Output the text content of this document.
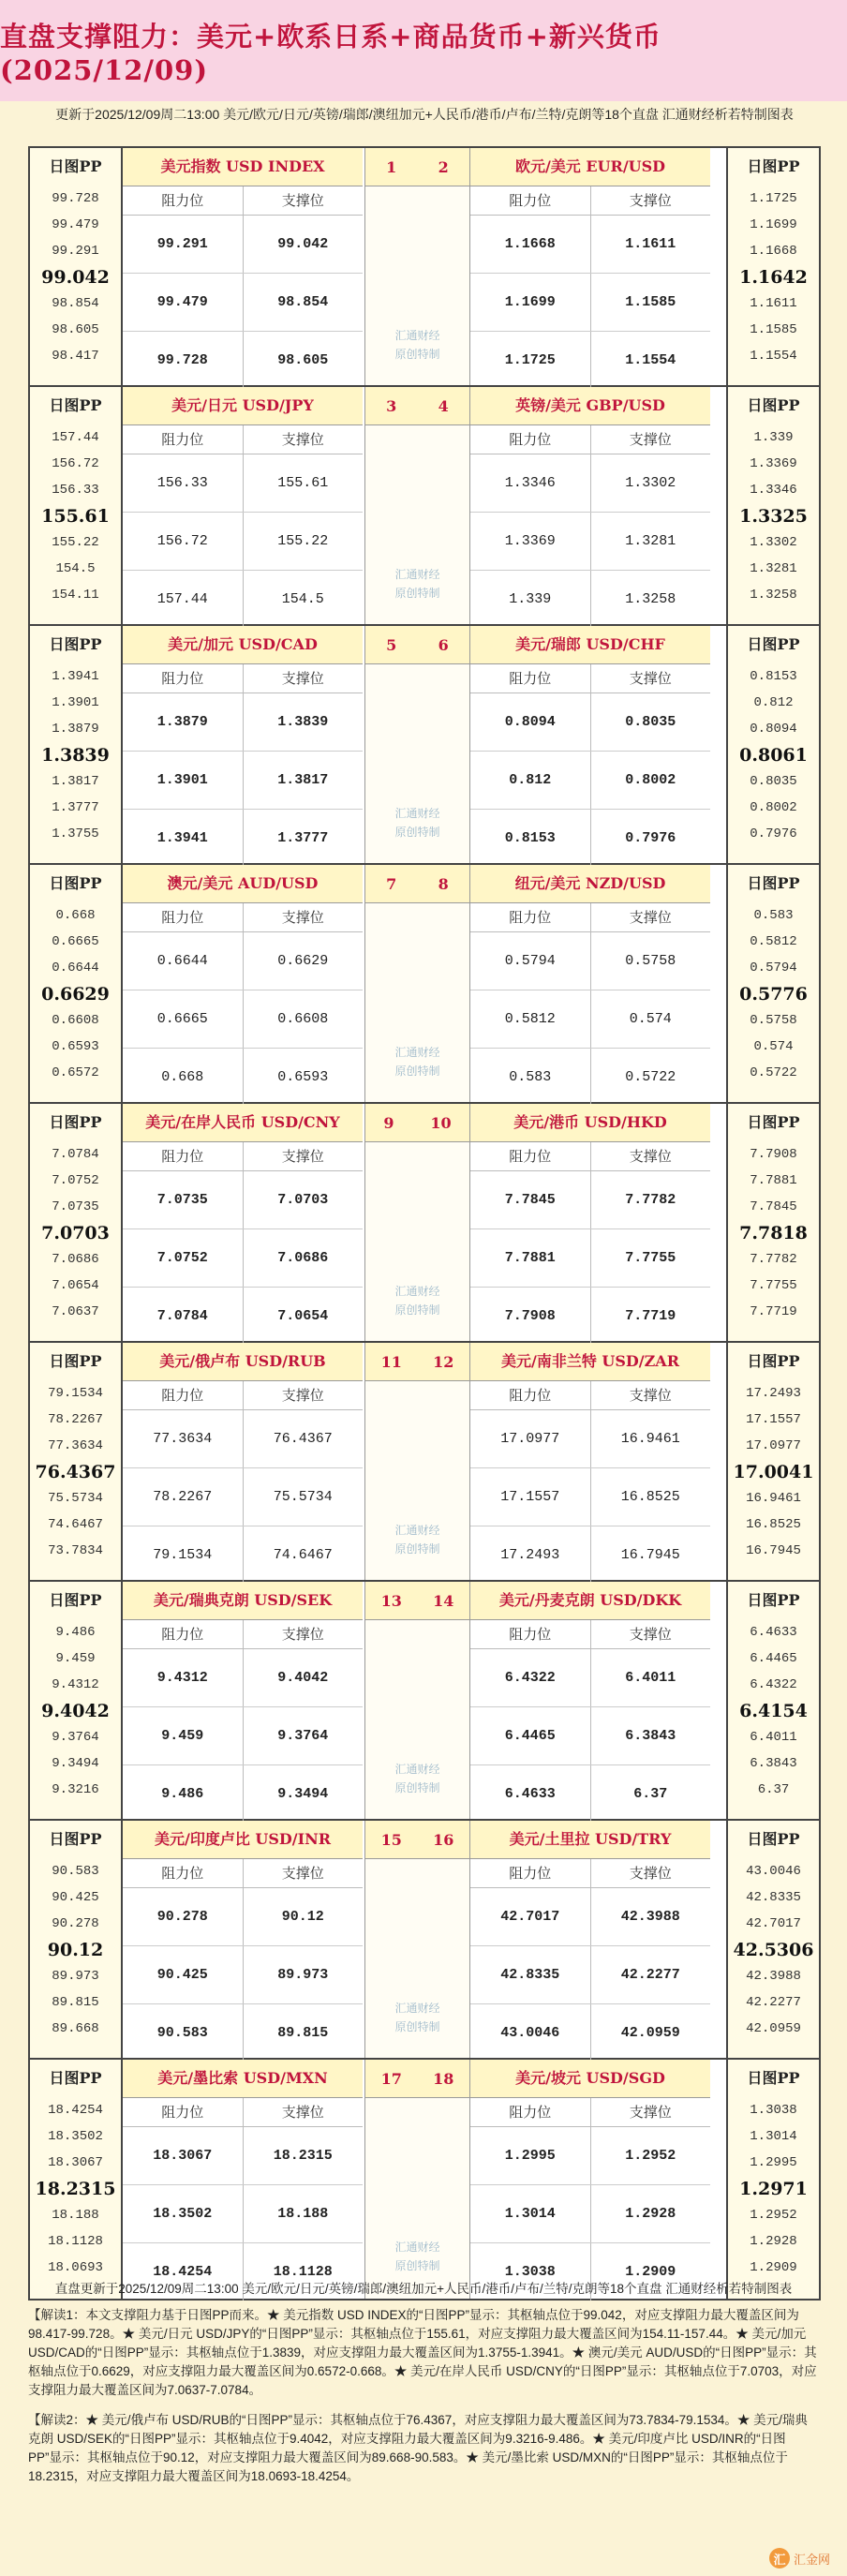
直盘支撑阻力：美元+欧系日系+商品货币+新兴货币(2025/12/09)
更新于2025/12/09周二13:00 美元/欧元/日元/英镑/瑞郎/澳纽加元+人民币/港币/卢布/兰特/克朗等18个直盘 汇通财经析若特制图表
日图PP
99.728
99.479
99.291
99.042
98.854
98.605
98.417
美元指数 USD INDEX
阻力位	支撑位
99.291	99.042
99.479	98.854
99.728	98.605
日图PP
1.1725
1.1699
1.1668
1.1642
1.1611
1.1585
1.1554
欧元/美元 EUR/USD
阻力位	支撑位
1.1668	1.1611
1.1699	1.1585
1.1725	1.1554
1	2
汇通财经
原创特制
日图PP
157.44
156.72
156.33
155.61
155.22
154.5
154.11
美元/日元 USD/JPY
阻力位	支撑位
156.33	155.61
156.72	155.22
157.44	154.5
日图PP
1.339
1.3369
1.3346
1.3325
1.3302
1.3281
1.3258
英镑/美元 GBP/USD
阻力位	支撑位
1.3346	1.3302
1.3369	1.3281
1.339	1.3258
3	4
汇通财经
原创特制
日图PP
1.3941
1.3901
1.3879
1.3839
1.3817
1.3777
1.3755
美元/加元 USD/CAD
阻力位	支撑位
1.3879	1.3839
1.3901	1.3817
1.3941	1.3777
日图PP
0.8153
0.812
0.8094
0.8061
0.8035
0.8002
0.7976
美元/瑞郎 USD/CHF
阻力位	支撑位
0.8094	0.8035
0.812	0.8002
0.8153	0.7976
5	6
汇通财经
原创特制
日图PP
0.668
0.6665
0.6644
0.6629
0.6608
0.6593
0.6572
澳元/美元 AUD/USD
阻力位	支撑位
0.6644	0.6629
0.6665	0.6608
0.668	0.6593
日图PP
0.583
0.5812
0.5794
0.5776
0.5758
0.574
0.5722
纽元/美元 NZD/USD
阻力位	支撑位
0.5794	0.5758
0.5812	0.574
0.583	0.5722
7	8
汇通财经
原创特制
日图PP
7.0784
7.0752
7.0735
7.0703
7.0686
7.0654
7.0637
美元/在岸人民币 USD/CNY
阻力位	支撑位
7.0735	7.0703
7.0752	7.0686
7.0784	7.0654
日图PP
7.7908
7.7881
7.7845
7.7818
7.7782
7.7755
7.7719
美元/港币 USD/HKD
阻力位	支撑位
7.7845	7.7782
7.7881	7.7755
7.7908	7.7719
9 10
汇通财经
原创特制
日图PP
79.1534
78.2267
77.3634
76.4367
75.5734
74.6467
73.7834
美元/俄卢布 USD/RUB
阻力位	支撑位
77.3634	76.4367
78.2267	75.5734
79.1534	74.6467
日图PP
17.2493
17.1557
17.0977
17.0041
16.9461
16.8525
16.7945
美元/南非兰特 USD/ZAR
阻力位	支撑位
17.0977	16.9461
17.1557	16.8525
17.2493	16.7945
11 12
汇通财经
原创特制
日图PP
9.486
9.459
9.4312
9.4042
9.3764
9.3494
9.3216
美元/瑞典克朗 USD/SEK
阻力位	支撑位
9.4312	9.4042
9.459	9.3764
9.486	9.3494
日图PP
6.4633
6.4465
6.4322
6.4154
6.4011
6.3843
6.37
美元/丹麦克朗 USD/DKK
阻力位	支撑位
6.4322	6.4011
6.4465	6.3843
6.4633	6.37
13 14
汇通财经
原创特制
日图PP
90.583
90.425
90.278
90.12
89.973
89.815
89.668
美元/印度卢比 USD/INR
阻力位	支撑位
90.278	90.12
90.425	89.973
90.583	89.815
日图PP
43.0046
42.8335
42.7017
42.5306
42.3988
42.2277
42.0959
美元/土里拉 USD/TRY
阻力位	支撑位
42.7017	42.3988
42.8335	42.2277
43.0046	42.0959
15 16
汇通财经
原创特制
日图PP
18.4254
18.3502
18.3067
18.2315
18.188
18.1128
18.0693
美元/墨比索 USD/MXN
阻力位	支撑位
18.3067	18.2315
18.3502	18.188
18.4254	18.1128
日图PP
1.3038
1.3014
1.2995
1.2971
1.2952
1.2928
1.2909
美元/坡元 USD/SGD
阻力位	支撑位
1.2995	1.2952
1.3014	1.2928
1.3038	1.2909
17 18
汇通财经
原创特制
直盘更新于2025/12/09周二13:00 美元/欧元/日元/英镑/瑞郎/澳纽加元+人民币/港币/卢布/兰特/克朗等18个直盘 汇通财经析若特制图表
【解读1：本文支撑阻力基于日图PP而来。★ 美元指数 USD INDEX的“日图PP”显示：其枢轴点位于99.042，对应支撑阻力最大覆盖区间为98.417-99.728。★ 美元/日元 USD/JPY的“日图PP”显示：其枢轴点位于155.61，对应支撑阻力最大覆盖区间为154.11-157.44。★ 美元/加元 USD/CAD的“日图PP”显示：其枢轴点位于1.3839，对应支撑阻力最大覆盖区间为1.3755-1.3941。★ 澳元/美元 AUD/USD的“日图PP”显示：其枢轴点位于0.6629，对应支撑阻力最大覆盖区间为0.6572-0.668。★ 美元/在岸人民币 USD/CNY的“日图PP”显示：其枢轴点位于7.0703，对应支撑阻力最大覆盖区间为7.0637-7.0784。
【解读2：★ 美元/俄卢布 USD/RUB的“日图PP”显示：其枢轴点位于76.4367，对应支撑阻力最大覆盖区间为73.7834-79.1534。★ 美元/瑞典克朗 USD/SEK的“日图PP”显示：其枢轴点位于9.4042，对应支撑阻力最大覆盖区间为9.3216-9.486。★ 美元/印度卢比 USD/INR的“日图PP”显示：其枢轴点位于90.12，对应支撑阻力最大覆盖区间为89.668-90.583。★ 美元/墨比索 USD/MXN的“日图PP”显示：其枢轴点位于18.2315，对应支撑阻力最大覆盖区间为18.0693-18.4254。
汇 汇金网
